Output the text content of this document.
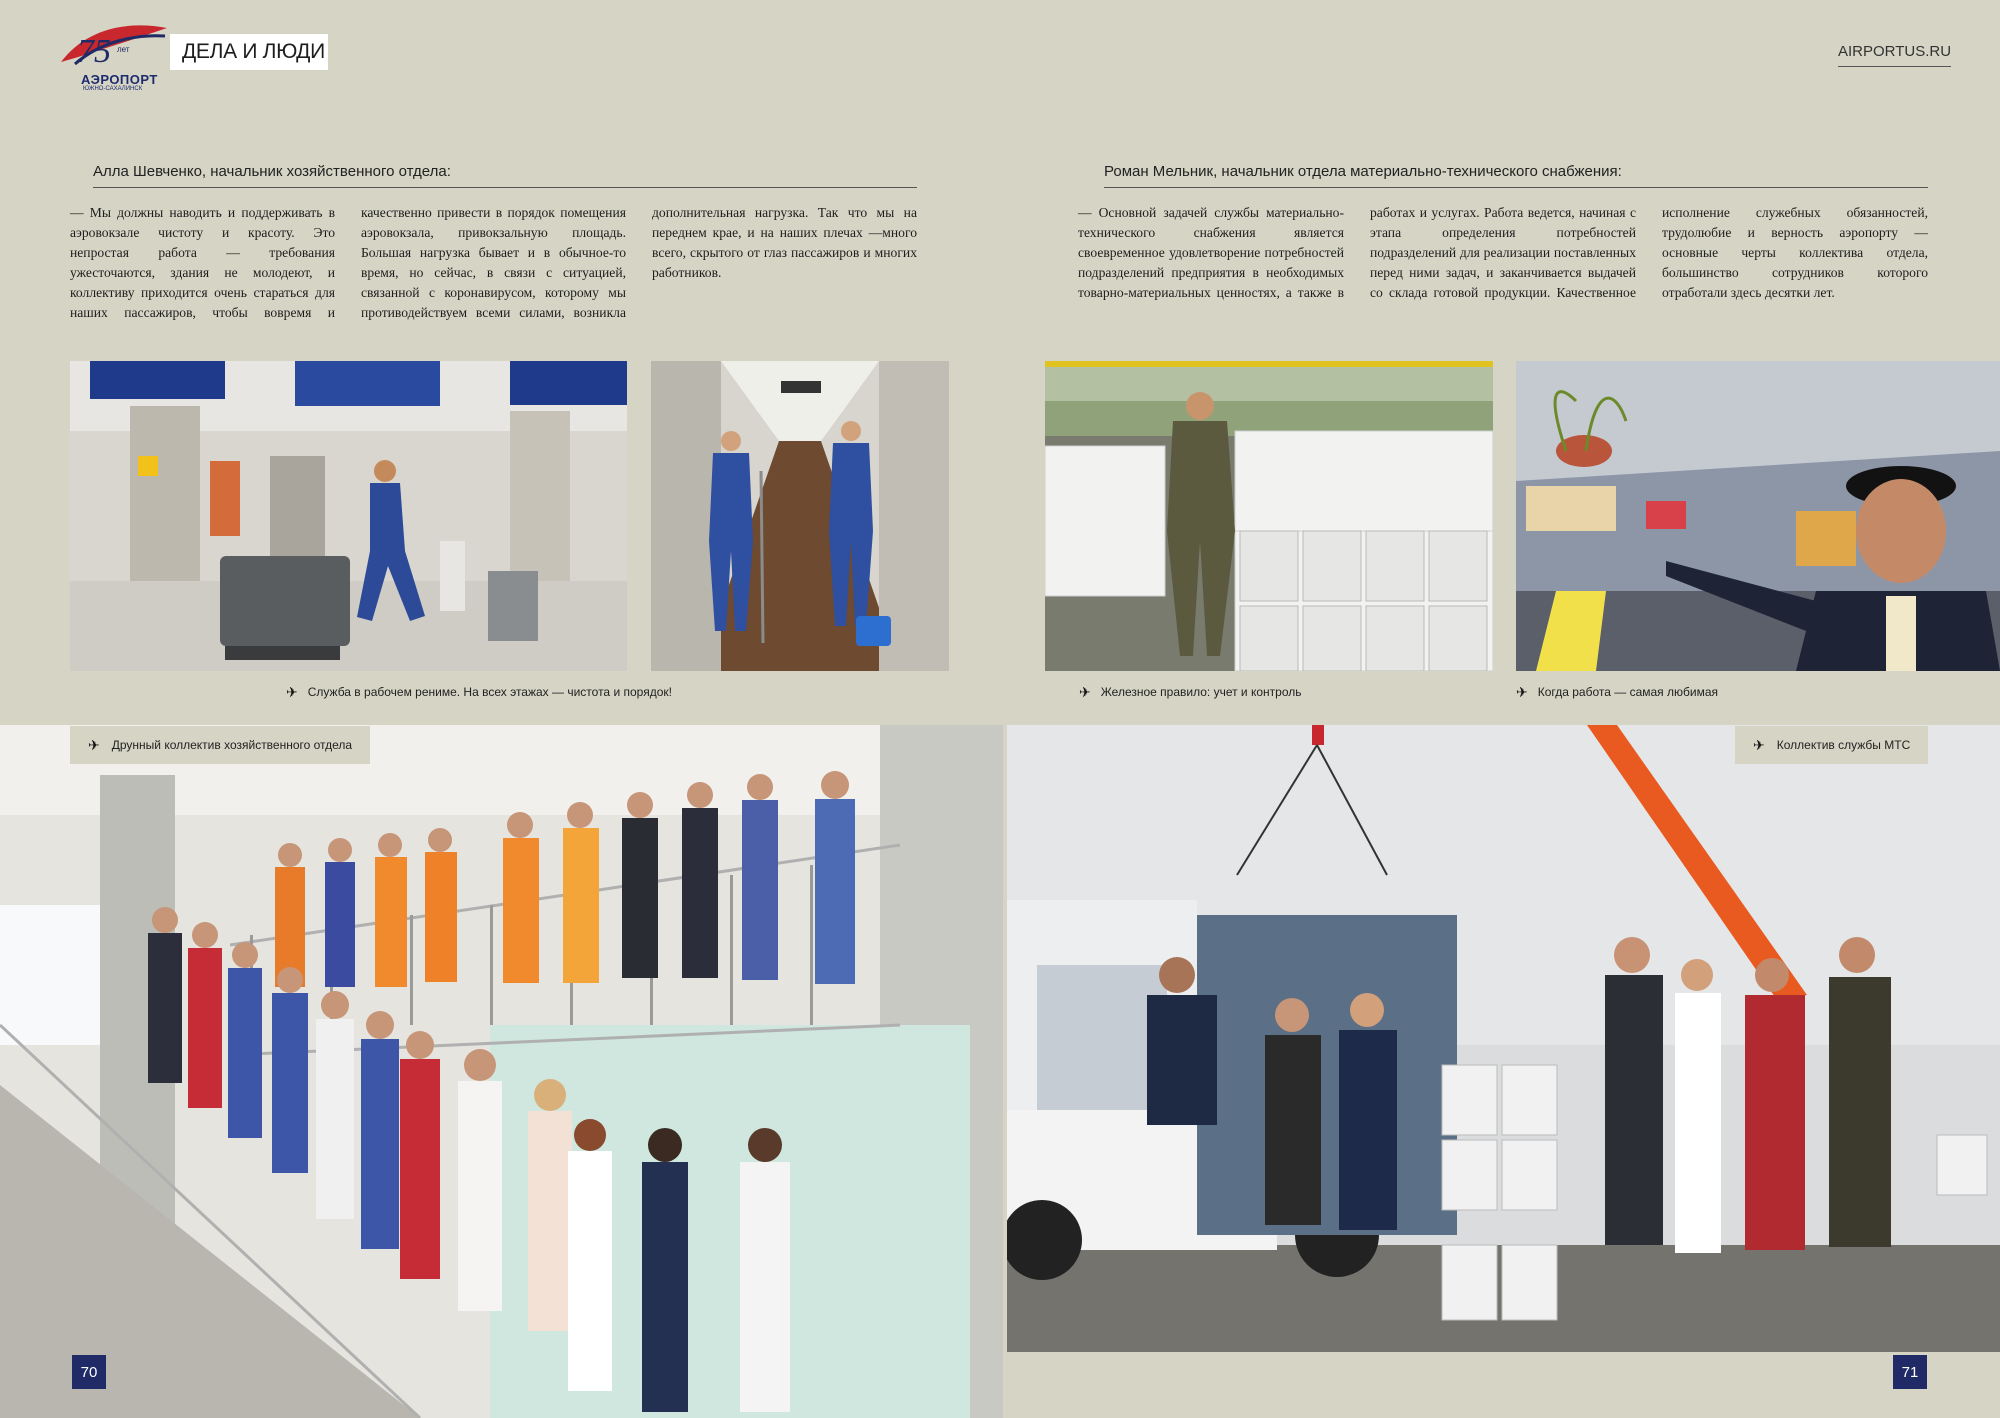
75 лет
АЭРОПОРТ
ЮЖНО-САХАЛИНСК
ДЕЛА И ЛЮДИ	AIRPORTUS.RU
Алла Шевченко, начальник хозяйственного отдела:
— Мы должны наводить и поддерживать в аэровокзале чистоту и красоту. Это непростая работа — требования ужесточаются, здания не молодеют, и коллективу приходится очень стараться для наших пассажиров, чтобы вовремя и качественно привести в порядок помещения аэровокзала, привокзальную площадь. Большая нагрузка бывает и в обычное-то время, но сейчас, в связи с ситуацией, связанной с коронавирусом, которому мы противодействуем всеми силами, возникла дополнительная нагрузка. Так что мы на переднем крае, и на наших плечах —много всего, скрытого от глаз пассажиров и многих работников.
Роман Мельник, начальник отдела материально-технического снабжения:
— Основной задачей службы материально-технического снабжения является своевременное удовлетворение потребностей подразделений предприятия в необходимых товарно-материальных ценностях, а также в работах и услугах. Работа ведется, начиная с этапа определения потребностей подразделений для реализации поставленных перед ними задач, и заканчивается выдачей со склада готовой продукции. Качественное исполнение служебных обязанностей, трудолюбие и верность аэропорту — основные черты коллектива отдела, большинство сотрудников которого отработали здесь десятки лет.
✈ Служба в рабочем рениме. На всех этажах — чистота и порядок!	✈ Железное правило: учет и контроль	✈ Когда работа — самая любимая
✈ Друнный коллектив хозяйственного отдела	✈ Коллектив службы МТС
70	71
